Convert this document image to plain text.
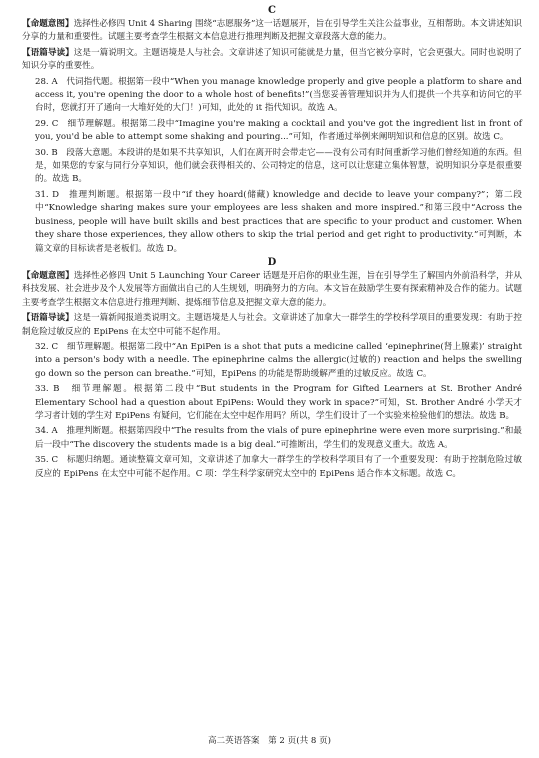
C

【命题意图】选择性必修四 Unit 4 Sharing 围绕“志愿服务”这一话题展开，旨在引导学生关注公益事业，互相帮助。本文讲述知识分享的力量和重要性。试题主要考查学生根据文本信息进行推理判断及把握文章段落大意的能力。

【语篇导读】这是一篇说明文。主题语境是人与社会。文章讲述了知识可能就是力量，但当它被分享时，它会更强大。同时也说明了知识分享的重要性。

28. A　代词指代题。根据第一段中“When you manage knowledge properly and give people a platform to share and access it, you're opening the door to a whole host of benefits!”(当您妥善管理知识并为人们提供一个共享和访问它的平台时，您就打开了通向一大堆好处的大门！)可知，此处的 it 指代知识。故选 A。

29. C　细节理解题。根据第二段中“Imagine you're making a cocktail and you've got the ingredient list in front of you, you'd be able to attempt some shaking and pouring...”可知，作者通过举例来阐明知识和信息的区别。故选 C。

30. B　段落大意题。本段讲的是如果不共享知识，人们在离开时会带走它——没有公司有时间重新学习他们曾经知道的东西。但是，如果您的专家与同行分享知识，他们就会获得相关的、公司特定的信息，这可以让您建立集体智慧，说明知识分享是很重要的。故选 B。

31. D　推理判断题。根据第一段中“if they hoard(储藏) knowledge and decide to leave your company?”；第二段中“Knowledge sharing makes sure your employees are less shaken and more inspired.”和第三段中“Across the business, people will have built skills and best practices that are specific to your product and customer. When they share those experiences, they allow others to skip the trial period and get right to productivity.”可判断，本篇文章的目标读者是老板们。故选 D。

D

【命题意图】选择性必修四 Unit 5 Launching Your Career 话题是开启你的职业生涯，旨在引导学生了解国内外前沿科学，并从科技发展、社会进步及个人发展等方面做出自己的人生规划，明确努力的方向。本文旨在鼓励学生要有探索精神及合作的能力。试题主要考查学生根据文本信息进行推理判断、提炼细节信息及把握文章大意的能力。

【语篇导读】这是一篇新闻报道类说明文。主题语境是人与社会。文章讲述了加拿大一群学生的学校科学项目的重要发现：有助于控制危险过敏反应的 EpiPens 在太空中可能不起作用。

32. C　细节理解题。根据第二段中“An EpiPen is a shot that puts a medicine called ‘epinephrine(肾上腺素)’ straight into a person's body with a needle. The epinephrine calms the allergic(过敏的) reaction and helps the swelling go down so the person can breathe.”可知，EpiPens 的功能是帮助缓解严重的过敏反应。故选 C。

33. B　细节理解题。根据第二段中“But students in the Program for Gifted Learners at St. Brother André Elementary School had a question about EpiPens: Would they work in space?”可知，St. Brother André 小学天才学习者计划的学生对 EpiPens 有疑问，它们能在太空中起作用吗？所以，学生们设计了一个实验来检验他们的想法。故选 B。

34. A　推理判断题。根据第四段中“The results from the vials of pure epinephrine were even more surprising.”和最后一段中“The discovery the students made is a big deal.”可推断出，学生们的发现意义重大。故选 A。

35. C　标题归纳题。通读整篇文章可知，文章讲述了加拿大一群学生的学校科学项目有了一个重要发现：有助于控制危险过敏反应的 EpiPens 在太空中可能不起作用。C 项：学生科学家研究太空中的 EpiPens 适合作本文标题。故选 C。

高二英语答案　第 2 页(共 8 页)
